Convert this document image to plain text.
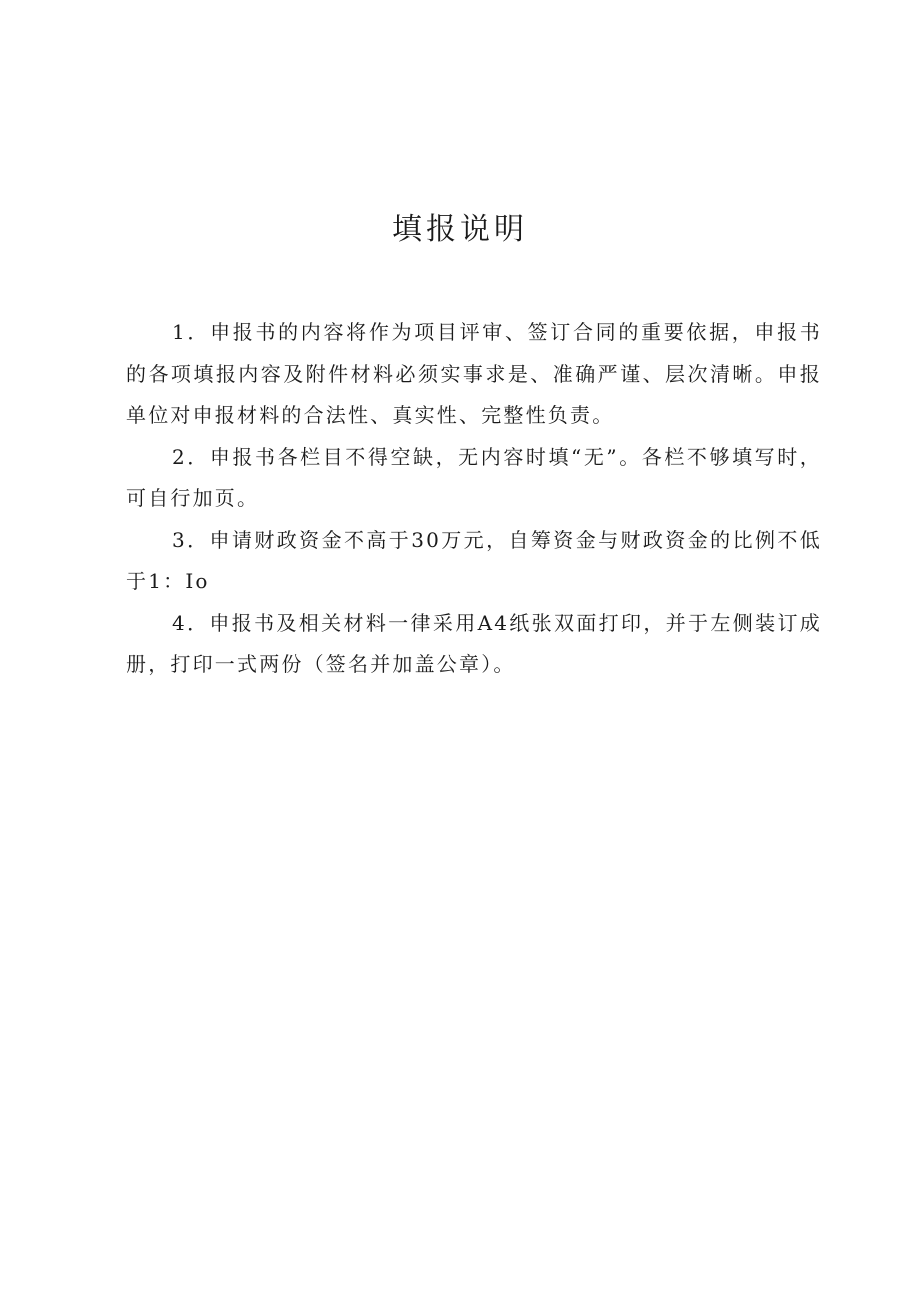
填报说明

1．申报书的内容将作为项目评审、签订合同的重要依据，申报书的各项填报内容及附件材料必须实事求是、准确严谨、层次清晰。申报单位对申报材料的合法性、真实性、完整性负责。

2．申报书各栏目不得空缺，无内容时填“无”。各栏不够填写时，可自行加页。

3．申请财政资金不高于30万元，自筹资金与财政资金的比例不低于1：Io

4．申报书及相关材料一律采用A4纸张双面打印，并于左侧装订成册，打印一式两份（签名并加盖公章）。
